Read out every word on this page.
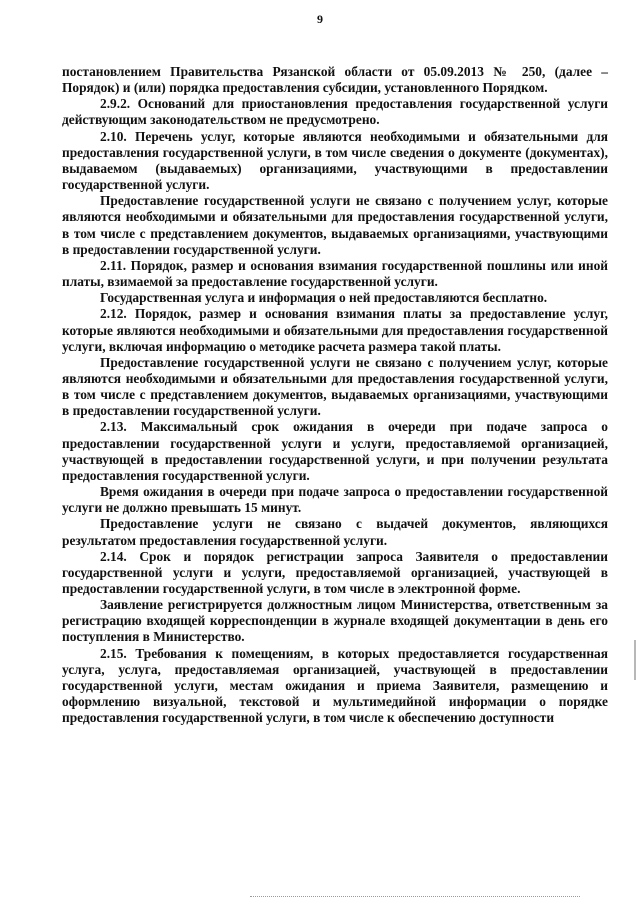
9

постановлением Правительства Рязанской области от 05.09.2013 № 250, (далее – Порядок) и (или) порядка предоставления субсидии, установленного Порядком.

2.9.2. Оснований для приостановления предоставления государственной услуги действующим законодательством не предусмотрено.

2.10. Перечень услуг, которые являются необходимыми и обязательными для предоставления государственной услуги, в том числе сведения о документе (документах), выдаваемом (выдаваемых) организациями, участвующими в предоставлении государственной услуги.

Предоставление государственной услуги не связано с получением услуг, которые являются необходимыми и обязательными для предоставления государственной услуги, в том числе с представлением документов, выдаваемых организациями, участвующими в предоставлении государственной услуги.

2.11. Порядок, размер и основания взимания государственной пошлины или иной платы, взимаемой за предоставление государственной услуги.

Государственная услуга и информация о ней предоставляются бесплатно.

2.12. Порядок, размер и основания взимания платы за предоставление услуг, которые являются необходимыми и обязательными для предоставления государственной услуги, включая информацию о методике расчета размера такой платы.

Предоставление государственной услуги не связано с получением услуг, которые являются необходимыми и обязательными для предоставления государственной услуги, в том числе с представлением документов, выдаваемых организациями, участвующими в предоставлении государственной услуги.

2.13. Максимальный срок ожидания в очереди при подаче запроса о предоставлении государственной услуги и услуги, предоставляемой организацией, участвующей в предоставлении государственной услуги, и при получении результата предоставления государственной услуги.

Время ожидания в очереди при подаче запроса о предоставлении государственной услуги не должно превышать 15 минут.

Предоставление услуги не связано с выдачей документов, являющихся результатом предоставления государственной услуги.

2.14. Срок и порядок регистрации запроса Заявителя о предоставлении государственной услуги и услуги, предоставляемой организацией, участвующей в предоставлении государственной услуги, в том числе в электронной форме.

Заявление регистрируется должностным лицом Министерства, ответственным за регистрацию входящей корреспонденции в журнале входящей документации в день его поступления в Министерство.

2.15. Требования к помещениям, в которых предоставляется государственная услуга, услуга, предоставляемая организацией, участвующей в предоставлении государственной услуги, местам ожидания и приема Заявителя, размещению и оформлению визуальной, текстовой и мультимедийной информации о порядке предоставления государственной услуги, в том числе к обеспечению доступности
